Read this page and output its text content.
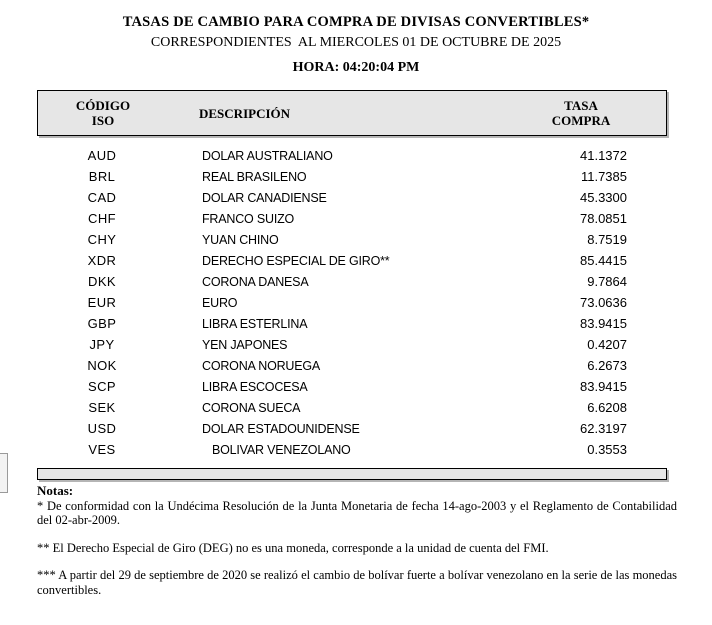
TASAS DE CAMBIO PARA COMPRA DE DIVISAS CONVERTIBLES*
CORRESPONDIENTES  AL MIERCOLES 01 DE OCTUBRE DE 2025
HORA: 04:20:04 PM
CÓDIGO
ISO	DESCRIPCIÓN	TASA
COMPRA
AUD	DOLAR AUSTRALIANO	41.1372
BRL	REAL BRASILENO	11.7385
CAD	DOLAR CANADIENSE	45.3300
CHF	FRANCO SUIZO	78.0851
CHY	YUAN CHINO	8.7519
XDR	DERECHO ESPECIAL DE GIRO**	85.4415
DKK	CORONA DANESA	9.7864
EUR	EURO	73.0636
GBP	LIBRA ESTERLINA	83.9415
JPY	YEN JAPONES	0.4207
NOK	CORONA NORUEGA	6.2673
SCP	LIBRA ESCOCESA	83.9415
SEK	CORONA SUECA	6.6208
USD	DOLAR ESTADOUNIDENSE	62.3197
VES	BOLIVAR VENEZOLANO	0.3553
Notas:

* De conformidad con la Undécima Resolución de la Junta Monetaria de fecha 14-ago-2003 y el Reglamento de Contabilidad del 02-abr-2009.

** El Derecho Especial de Giro (DEG) no es una moneda, corresponde a la unidad de cuenta del FMI.

*** A partir del 29 de septiembre de 2020 se realizó el cambio de bolívar fuerte a bolívar venezolano en la serie de las monedas convertibles.
